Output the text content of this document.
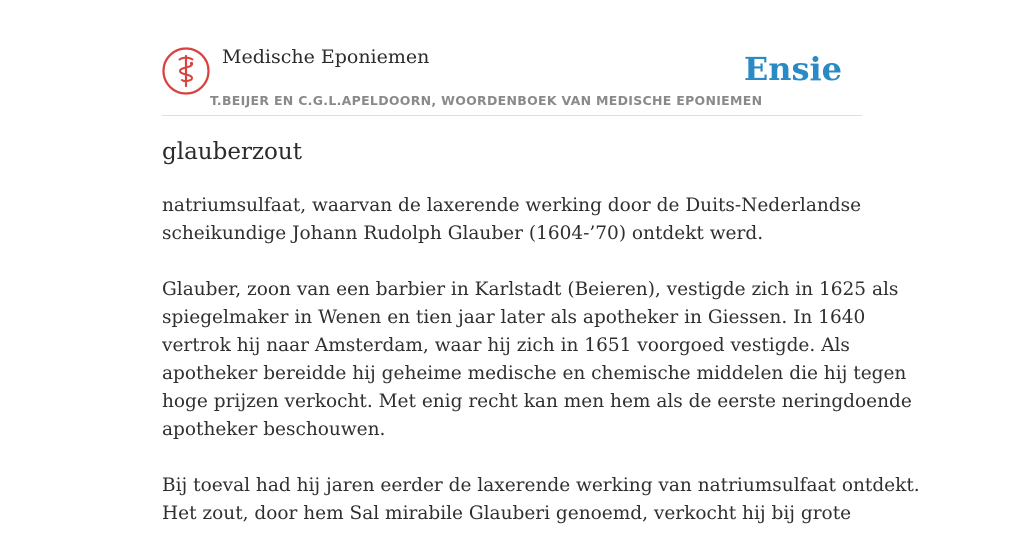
Medische Eponiemen
T.BEIJER EN C.G.L.APELDOORN, WOORDENBOEK VAN MEDISCHE EPONIEMEN
Ensie
glauberzout

natriumsulfaat, waarvan de laxerende werking door de Duits-Nederlandse
scheikundige Johann Rudolph Glauber (1604-’70) ontdekt werd.

Glauber, zoon van een barbier in Karlstadt (Beieren), vestigde zich in 1625 als
spiegelmaker in Wenen en tien jaar later als apotheker in Giessen. In 1640
vertrok hij naar Amsterdam, waar hij zich in 1651 voorgoed vestigde. Als
apotheker bereidde hij geheime medische en chemische middelen die hij tegen
hoge prijzen verkocht. Met enig recht kan men hem als de eerste neringdoende
apotheker beschouwen.

Bij toeval had hij jaren eerder de laxerende werking van natriumsulfaat ontdekt.
Het zout, door hem Sal mirabile Glauberi genoemd, verkocht hij bij grote
